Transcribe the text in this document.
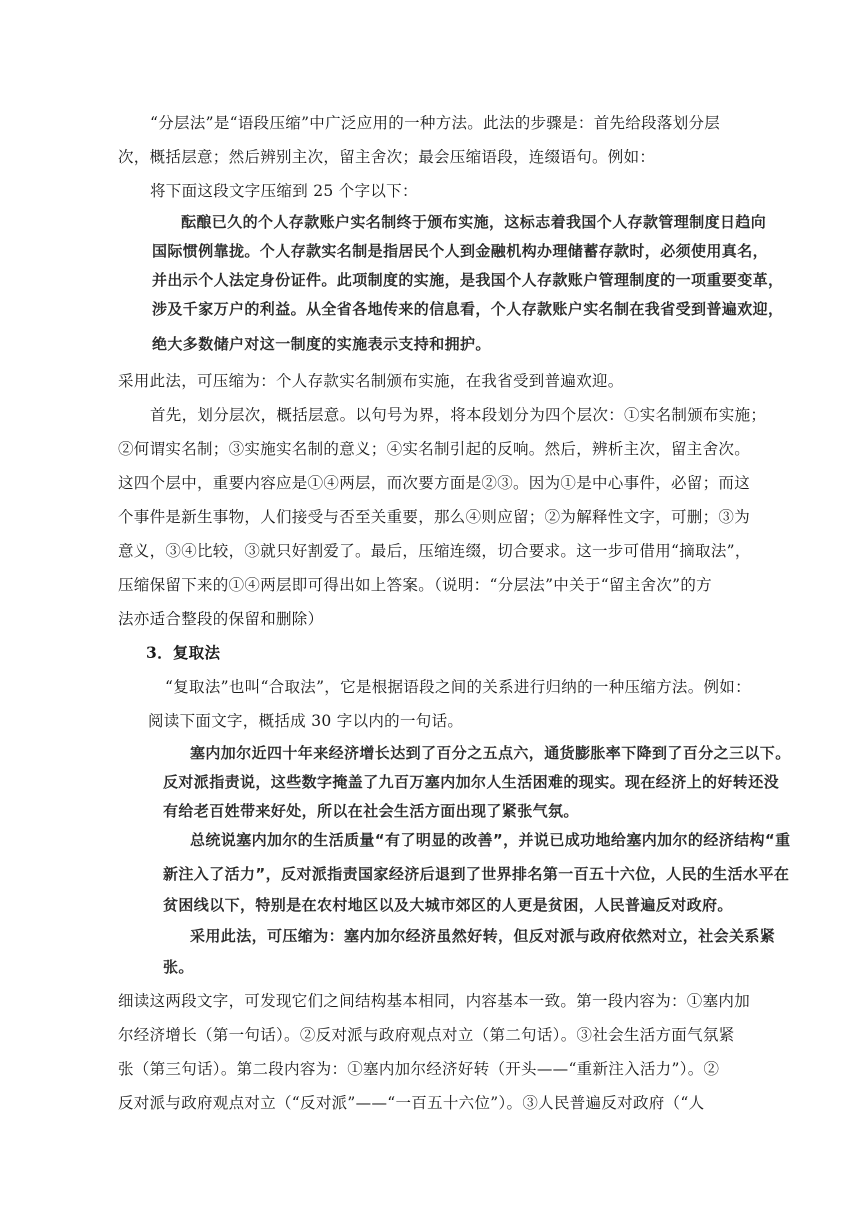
“分层法”是“语段压缩”中广泛应用的一种方法。此法的步骤是：首先给段落划分层
次，概括层意；然后辨别主次，留主舍次；最会压缩语段，连缀语句。例如：
将下面这段文字压缩到 25 个字以下：
酝酿已久的个人存款账户实名制终于颁布实施，这标志着我国个人存款管理制度日趋向
国际惯例靠拢。个人存款实名制是指居民个人到金融机构办理储蓄存款时，必须使用真名，
并出示个人法定身份证件。此项制度的实施，是我国个人存款账户管理制度的一项重要变革，
涉及千家万户的利益。从全省各地传来的信息看，个人存款账户实名制在我省受到普遍欢迎，
绝大多数储户对这一制度的实施表示支持和拥护。
采用此法，可压缩为：个人存款实名制颁布实施，在我省受到普遍欢迎。
首先，划分层次，概括层意。以句号为界，将本段划分为四个层次：①实名制颁布实施；
②何谓实名制；③实施实名制的意义；④实名制引起的反响。然后，辨析主次，留主舍次。
这四个层中，重要内容应是①④两层，而次要方面是②③。因为①是中心事件，必留；而这
个事件是新生事物，人们接受与否至关重要，那么④则应留；②为解释性文字，可删；③为
意义，③④比较，③就只好割爱了。最后，压缩连缀，切合要求。这一步可借用“摘取法”，
压缩保留下来的①④两层即可得出如上答案。（说明：“分层法”中关于“留主舍次”的方
法亦适合整段的保留和删除）
3．复取法
“复取法”也叫“合取法”，它是根据语段之间的关系进行归纳的一种压缩方法。例如：
阅读下面文字，概括成 30 字以内的一句话。
塞内加尔近四十年来经济增长达到了百分之五点六，通货膨胀率下降到了百分之三以下。
反对派指责说，这些数字掩盖了九百万塞内加尔人生活困难的现实。现在经济上的好转还没
有给老百姓带来好处，所以在社会生活方面出现了紧张气氛。
总统说塞内加尔的生活质量“有了明显的改善”，并说已成功地给塞内加尔的经济结构“重
新注入了活力”，反对派指责国家经济后退到了世界排名第一百五十六位，人民的生活水平在
贫困线以下，特别是在农村地区以及大城市郊区的人更是贫困，人民普遍反对政府。
采用此法，可压缩为：塞内加尔经济虽然好转，但反对派与政府依然对立，社会关系紧
张。
细读这两段文字，可发现它们之间结构基本相同，内容基本一致。第一段内容为：①塞内加
尔经济增长（第一句话）。②反对派与政府观点对立（第二句话）。③社会生活方面气氛紧
张（第三句话）。第二段内容为：①塞内加尔经济好转（开头——“重新注入活力”）。②
反对派与政府观点对立（“反对派”——“一百五十六位”）。③人民普遍反对政府（“人
